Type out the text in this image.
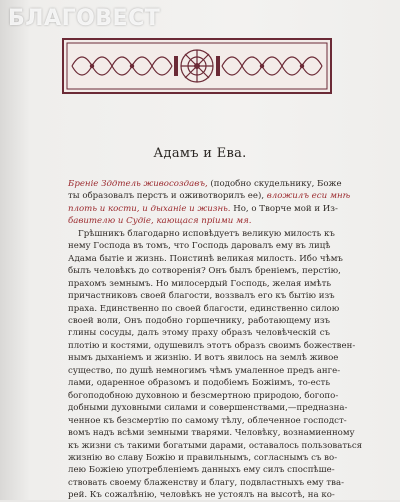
БЛАГОВЕСТ
Адамъ и Ева.
Бреніе Зддтель живосоздавъ, (подобно скудельнику, Боже
ты образовалъ перстъ и оживотворилъ ее), вложилъ еси мнѣ
плоть и кости, и дыханіе и жизнь. Но, о Творче мой и Из-
бавителю и Судіе, кающася пріими мя.
Грѣшникъ благодарно исповѣдуетъ великую милость къ
нему Господа въ томъ, что Господь даровалъ ему въ лицѣ
Адама бытіе и жизнь. Поистинѣ великая милость. Ибо чѣмъ
былъ человѣкъ до сотворенія? Онъ былъ бреніемъ, перстію,
прахомъ земнымъ. Но милосердый Господь, желая имѣть
причастниковъ своей благости, воззвалъ его къ бытію изъ
праха. Единственно по своей благости, единственно силою
своей воли, Онъ подобно горшечнику, работающему изъ
глины сосуды, далъ этому праху образъ человѣческій съ
плотію и костями, одушевилъ этотъ образъ своимъ божествен-
нымъ дыханіемъ и жизнію. И вотъ явилось на землѣ живое
существо, по душѣ немногимъ чѣмъ умаленное предъ анге-
лами, одаренное образомъ и подобіемъ Божіимъ, то-есть
богоподобною духовною и безсмертною природою, богопо-
добными духовными силами и совершенствами,—предназна-
ченное къ безсмертію по самому тѣлу, облеченное господст-
вомъ надъ всѣми земными тварями. Человѣку, вознамиенному
къ жизни съ такими богатыми дарами, оставалось пользоваться
жизнію во славу Божію и правильнымъ, согласнымъ съ во-
лею Божіею употребленіемъ данныхъ ему силъ споспѣше-
ствовать своему блаженству и благу, подвластныхъ ему тва-
рей. Къ сожалѣнію, человѣкъ не устоялъ на высотѣ, на ко-
